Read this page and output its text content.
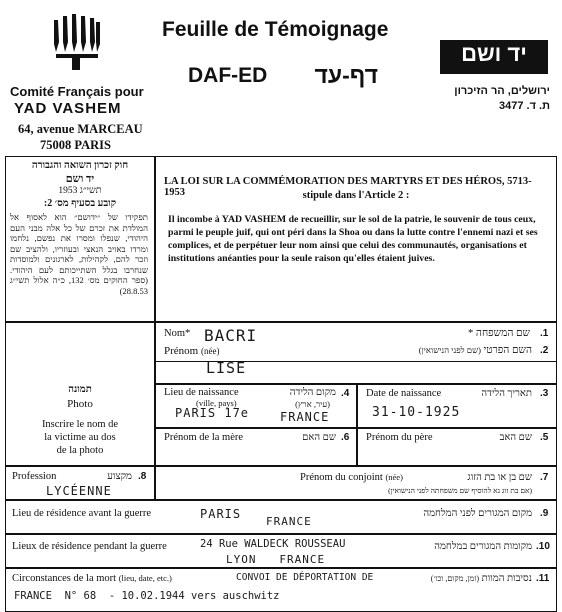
Comité Français pour
YAD VASHEM
64, avenue MARCEAU
75008 PARIS
Feuille de Témoignage
DAF-ED	דף-עד
יד ושם
ירושלים, הר הזיכרון
ת. ד. 3477
חוק זכרון השואה והגבורה
יד ושם
תשי״ג 1953
קובע בסעיף מס׳ 2:
תפקידו של ״ידושם״ הוא לאסוף אל המולדת את זכרם של כל אלה מבני העם היהודי, שנפלו ומסרו את נפשם, נלחמו ומרדו באויב הנאצי ובעוזריו, ולהציב שם וזכר להם, לקהילות, לארגונים ולמוסדות שנחרבו בגלל השתייכותם לעם היהודי. (ספר החוקים מס׳ 132, כ״ה אלול תשי״ג 28.8.53)
LA LOI SUR LA COMMÉMORATION DES MARTYRS ET DES HÉROS, 5713-1953	stipule dans l'Article 2 :
Il incombe à YAD VASHEM de recueillir, sur le sol de la patrie, le souvenir de tous ceux, parmi le peuple juif, qui ont péri dans la Shoa ou dans la lutte contre l'ennemi nazi et ses complices, et de perpétuer leur nom ainsi que celui des communautés, organisations et institutions anéanties pour la seule raison qu'elles étaient juives.
תמונה
Photo
Inscrire le nom de la victime au dos de la photo
Nom* BACRI	שם המשפחה * .1
Prénom (née)
LISE
השם הפרטי (שם לפני הנישואין)	.2
Lieu de naissance
(ville, pays)
מקום הלידה
(עיר, ארץ)
.4
PARIS 17e	FRANCE
Date de naissance	תאריך הלידה .3
31-10-1925
Prénom de la mère	שם האם .6 Prénom du père	שם האב .5
Profession	מקצוע .8
LYCÉENNE
Prénom du conjoint (née)	שם בן או בת הזוג
(אם בת זוג נא להוסיף שם משפחתה לפני הנישואין)
.7
Lieu de résidence avant la guerre	PARIS
FRANCE
מקום המגורים לפני המלחמה .9
Lieux de résidence pendant la guerre	24 Rue WALDECK ROUSSEAU
LYON   FRANCE
מקומות המגורים במלחמה .10
Circonstances de la mort (lieu, date, etc.)	CONVOI DE DÉPORTATION DE
FRANCE  N° 68  - 10.02.1944 vers auschwitz
נסיבות המוות (זמן, מקום, וכו׳)	.11
